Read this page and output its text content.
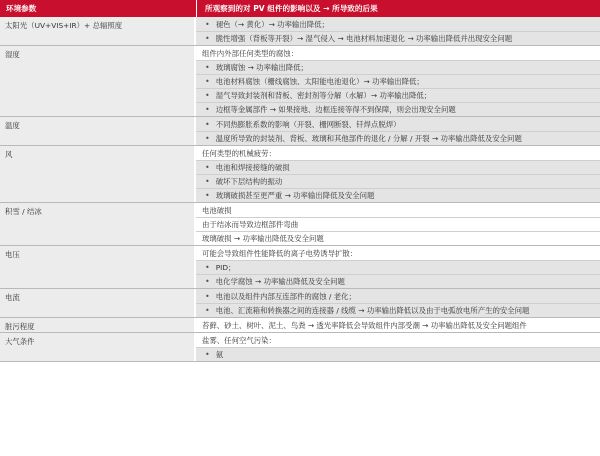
环境参数	所观察到的对 PV 组件的影响以及 → 所导致的后果
太阳光（UV+VIS+IR）+ 总辐照度	• 褪色（→ 黄化）→ 功率输出降低；
• 脆性增强（背板等开裂）→ 湿气侵入 → 电池材料加速退化 → 功率输出降低并出现安全问题
湿度	组件内外部任何类型的腐蚀：
• 玻璃腐蚀 → 功率输出降低；
• 电池材料腐蚀（栅线腐蚀、太阳能电池退化）→ 功率输出降低；
• 湿气导致封装剂和背板、密封剂等分解（水解）→ 功率输出降低；
• 边框等金属部件 → 如果接地、边框连接等得不到保障，则会出现安全问题
温度	• 不同热膨胀系数的影响（开裂、栅网断裂、钎焊点脱焊）
• 温度所导致的封装剂、背板、玻璃和其他部件的退化 / 分解 / 开裂 → 功率输出降低及安全问题
风	任何类型的机械疲劳：
• 电池和焊接接缝的破损
• 破坏下层结构的振动
• 玻璃破损甚至更严重 → 功率输出降低及安全问题
积雪 / 结冰	电池破损
由于结冰而导致边框部件弯曲
玻璃破损 → 功率输出降低及安全问题
电压	可能会导致组件性能降低的离子电势诱导扩散：
• PID；
• 电化学腐蚀 → 功率输出降低及安全问题
电流	• 电池以及组件内部互连部件的腐蚀 / 老化；
• 电池、汇流箱和转换器之间的连接器 / 线缆 → 功率输出降低以及由于电弧放电所产生的安全问题
脏污程度	苔藓、砂土、树叶、泥土、鸟粪 → 透光率降低会导致组件内部受潮 → 功率输出降低及安全问题组件
大气条件	盐雾、任何空气污染：
• 氨
